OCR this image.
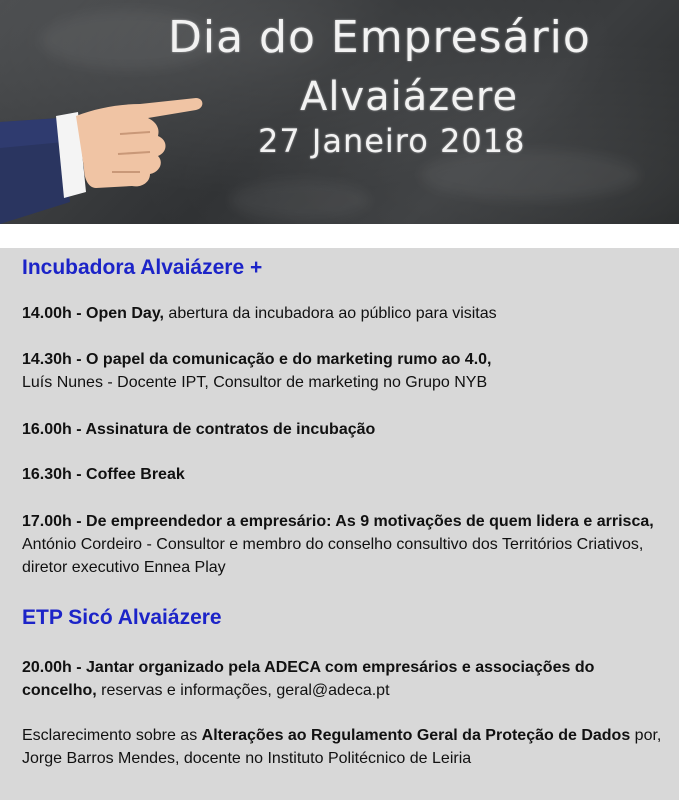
Dia do Empresário
Alvaiázere
27 Janeiro 2018
Incubadora Alvaiázere +
14.00h - Open Day, abertura da incubadora ao público para visitas
14.30h - O papel da comunicação e do marketing rumo ao 4.0,
Luís Nunes - Docente IPT, Consultor de marketing no Grupo NYB
16.00h - Assinatura de contratos de incubação
16.30h - Coffee Break
17.00h - De empreendedor a empresário: As 9 motivações de quem lidera e arrisca, António Cordeiro - Consultor e membro do conselho consultivo dos Territórios Criativos, diretor executivo Ennea Play
ETP Sicó Alvaiázere
20.00h - Jantar organizado pela ADECA com empresários e associações do concelho, reservas e informações, geral@adeca.pt
Esclarecimento sobre as Alterações ao Regulamento Geral da Proteção de Dados por, Jorge Barros Mendes, docente no Instituto Politécnico de Leiria
